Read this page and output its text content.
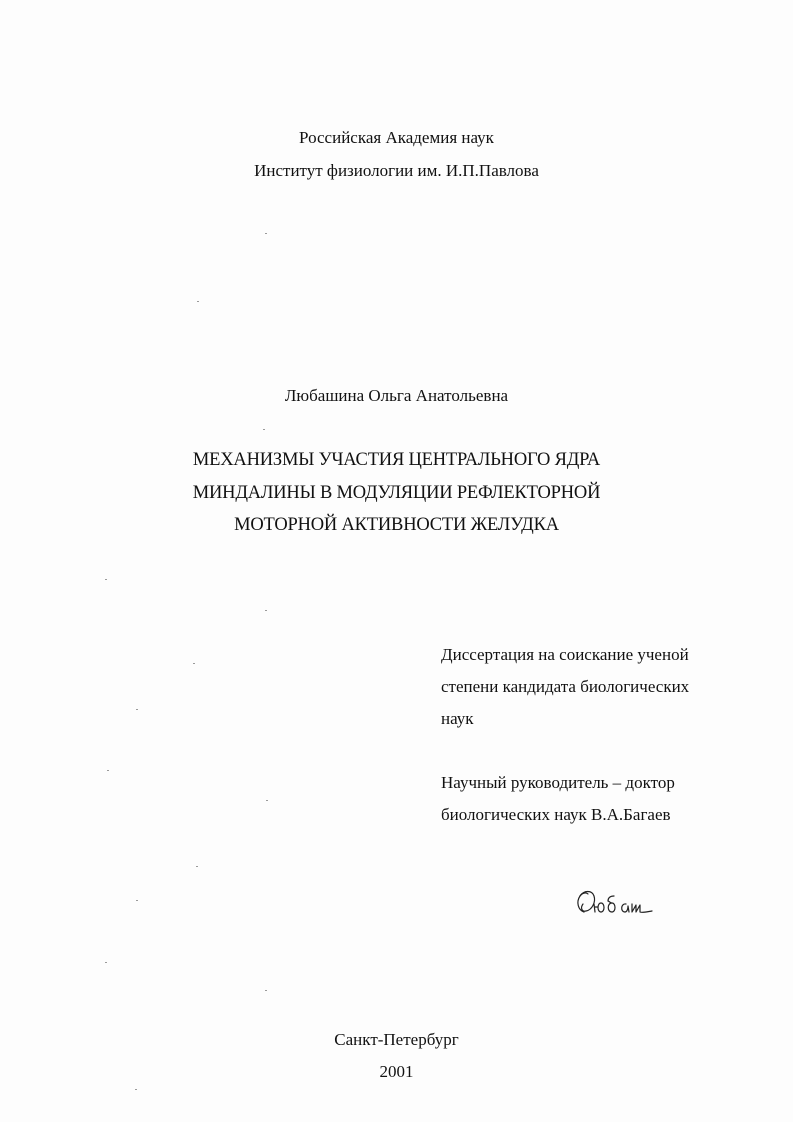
Российская Академия наук
Институт физиологии им. И.П.Павлова
Любашина Ольга Анатольевна
МЕХАНИЗМЫ УЧАСТИЯ ЦЕНТРАЛЬНОГО ЯДРА
МИНДАЛИНЫ В МОДУЛЯЦИИ РЕФЛЕКТОРНОЙ
МОТОРНОЙ АКТИВНОСТИ ЖЕЛУДКА
Диссертация на соискание ученой
степени кандидата биологических
наук
Научный руководитель – доктор
биологических наук В.А.Багаев
Санкт-Петербург
2001
